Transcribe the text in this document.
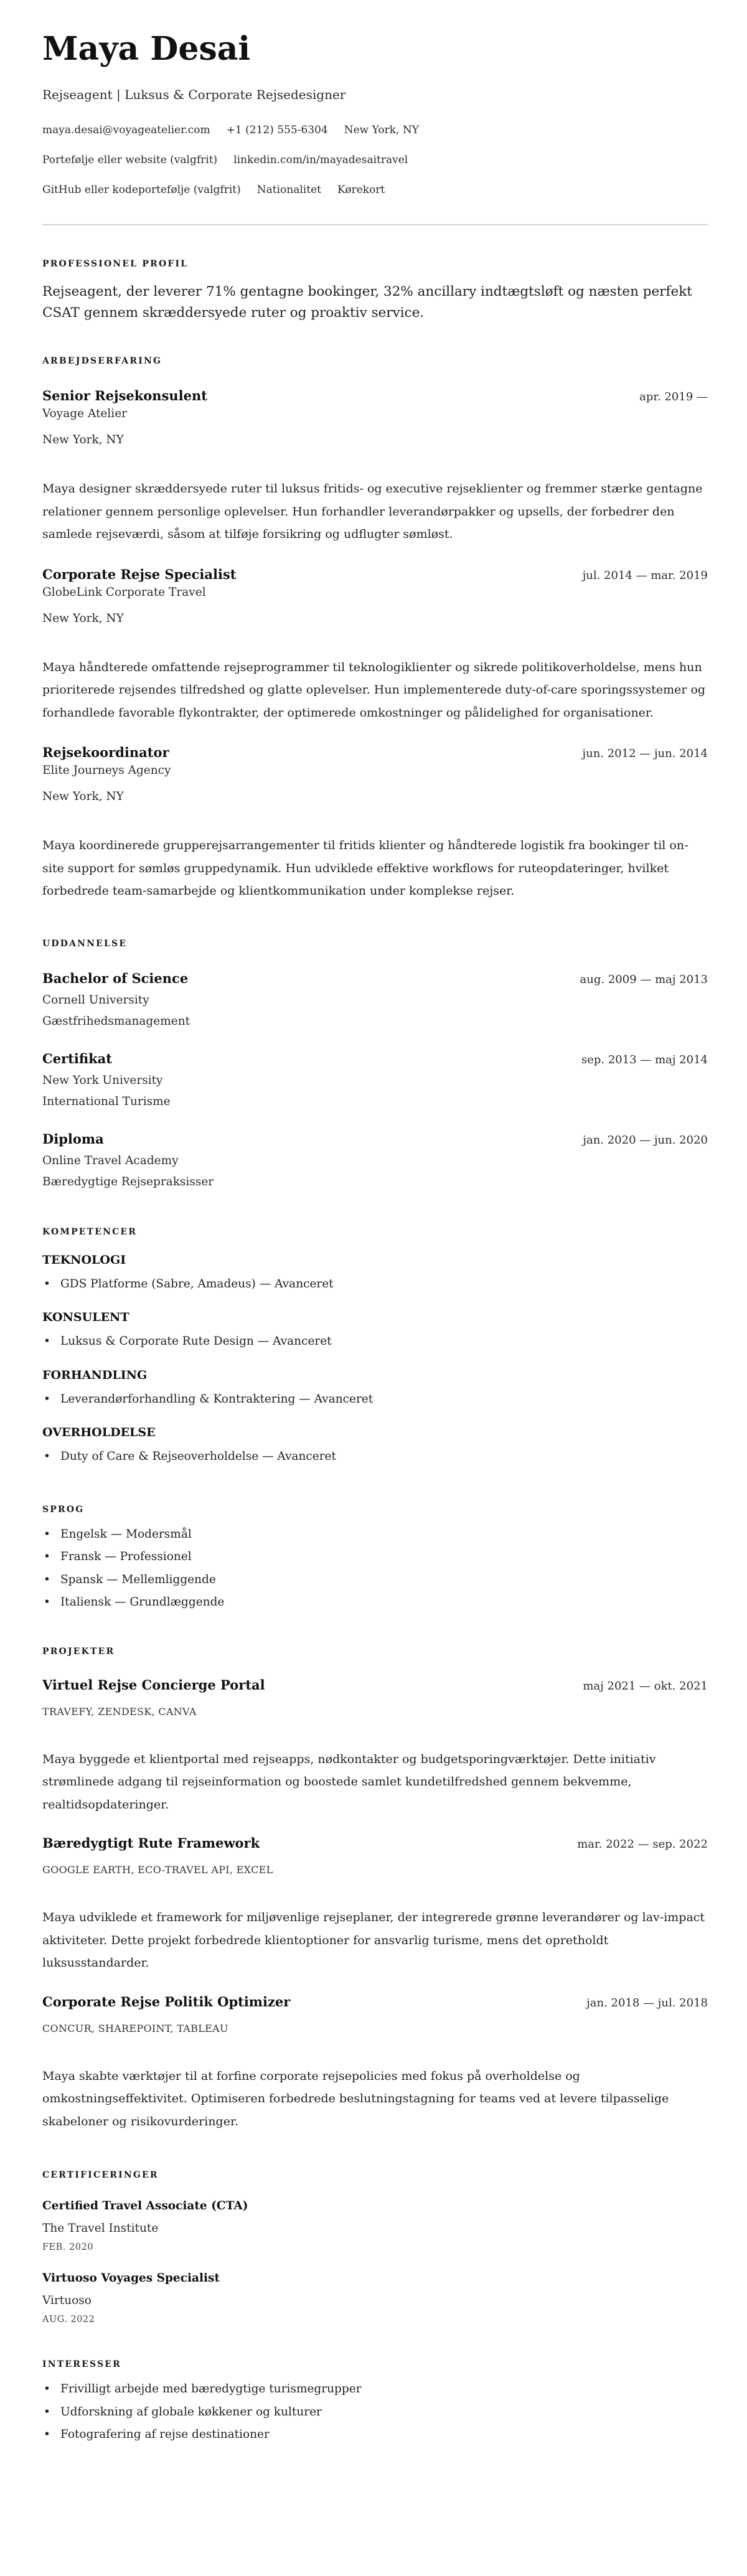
Maya Desai
Rejseagent | Luksus & Corporate Rejsedesigner
maya.desai@voyageatelier.com +1 (212) 555-6304 New York, NY
Portefølje eller website (valgfrit) linkedin.com/in/mayadesaitravel
GitHub eller kodeportefølje (valgfrit) Nationalitet Kørekort
PROFESSIONEL PROFIL

Rejseagent, der leverer 71% gentagne bookinger, 32% ancillary indtægtsløft og næsten perfekt CSAT gennem skræddersyede ruter og proaktiv service.

ARBEJDSERFARING
Senior Rejsekonsulent	apr. 2019 —
Voyage Atelier
New York, NY

Maya designer skræddersyede ruter til luksus fritids- og executive rejseklienter og fremmer stærke gentagne relationer gennem personlige oplevelser. Hun forhandler leverandørpakker og upsells, der forbedrer den samlede rejseværdi, såsom at tilføje forsikring og udflugter sømløst.

Corporate Rejse Specialist	jul. 2014 — mar. 2019
GlobeLink Corporate Travel
New York, NY

Maya håndterede omfattende rejseprogrammer til teknologiklienter og sikrede politikoverholdelse, mens hun prioriterede rejsendes tilfredshed og glatte oplevelser. Hun implementerede duty-of-care sporingssystemer og forhandlede favorable flykontrakter, der optimerede omkostninger og pålidelighed for organisationer.

Rejsekoordinator	jun. 2012 — jun. 2014
Elite Journeys Agency
New York, NY

Maya koordinerede grupperejsarrangementer til fritids klienter og håndterede logistik fra bookinger til on-site support for sømløs gruppedynamik. Hun udviklede effektive workflows for ruteopdateringer, hvilket forbedrede team-samarbejde og klientkommunikation under komplekse rejser.

UDDANNELSE
Bachelor of Science	aug. 2009 — maj 2013
Cornell University
Gæstfrihedsmanagement
Certifikat	sep. 2013 — maj 2014
New York University
International Turisme
Diploma	jan. 2020 — jun. 2020
Online Travel Academy
Bæredygtige Rejsepraksisser
KOMPETENCER
TEKNOLOGI
• GDS Platforme (Sabre, Amadeus) — Avanceret
KONSULENT
• Luksus & Corporate Rute Design — Avanceret
FORHANDLING
• Leverandørforhandling & Kontraktering — Avanceret
OVERHOLDELSE
• Duty of Care & Rejseoverholdelse — Avanceret
SPROG
• Engelsk — Modersmål
• Fransk — Professionel
• Spansk — Mellemliggende
• Italiensk — Grundlæggende
PROJEKTER
Virtuel Rejse Concierge Portal	maj 2021 — okt. 2021
TRAVEFY, ZENDESK, CANVA

Maya byggede et klientportal med rejseapps, nødkontakter og budgetsporingværktøjer. Dette initiativ strømlinede adgang til rejseinformation og boostede samlet kundetilfredshed gennem bekvemme, realtidsopdateringer.

Bæredygtigt Rute Framework	mar. 2022 — sep. 2022
GOOGLE EARTH, ECO-TRAVEL API, EXCEL

Maya udviklede et framework for miljøvenlige rejseplaner, der integrerede grønne leverandører og lav-impact aktiviteter. Dette projekt forbedrede klientoptioner for ansvarlig turisme, mens det opretholdt luksusstandarder.

Corporate Rejse Politik Optimizer	jan. 2018 — jul. 2018
CONCUR, SHAREPOINT, TABLEAU

Maya skabte værktøjer til at forfine corporate rejsepolicies med fokus på overholdelse og omkostningseffektivitet. Optimiseren forbedrede beslutningstagning for teams ved at levere tilpasselige skabeloner og risikovurderinger.

CERTIFICERINGER
Certified Travel Associate (CTA)
The Travel Institute
FEB. 2020
Virtuoso Voyages Specialist
Virtuoso
AUG. 2022
INTERESSER
• Frivilligt arbejde med bæredygtige turismegrupper
• Udforskning af globale køkkener og kulturer
• Fotografering af rejse destinationer
